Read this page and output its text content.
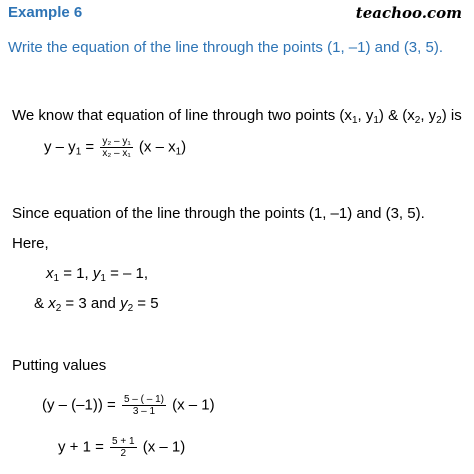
Example 6	teachoo.com
Write the equation of the line through the points (1, –1) and (3, 5).
We know that equation of line through two points ($x_1$, $y_1$) & ($x_2$, $y_2$) is
$y - y_1 = \frac{\text{y₂ – y₁}}{\text{x₂ – x₁}} (x - x_1)$
Since equation of the line through the points (1, –1) and (3, 5).
Here,
$x_1 = 1$, $y_1$ = – 1,
& $x_2 = 3$ and $y_2 = 5$
Putting values
$(y - (-1)) = \frac{5 - ( - 1)}{3 - 1} (x - 1)$
$y + 1 = \frac{5 + 1}{2} (x - 1)$
